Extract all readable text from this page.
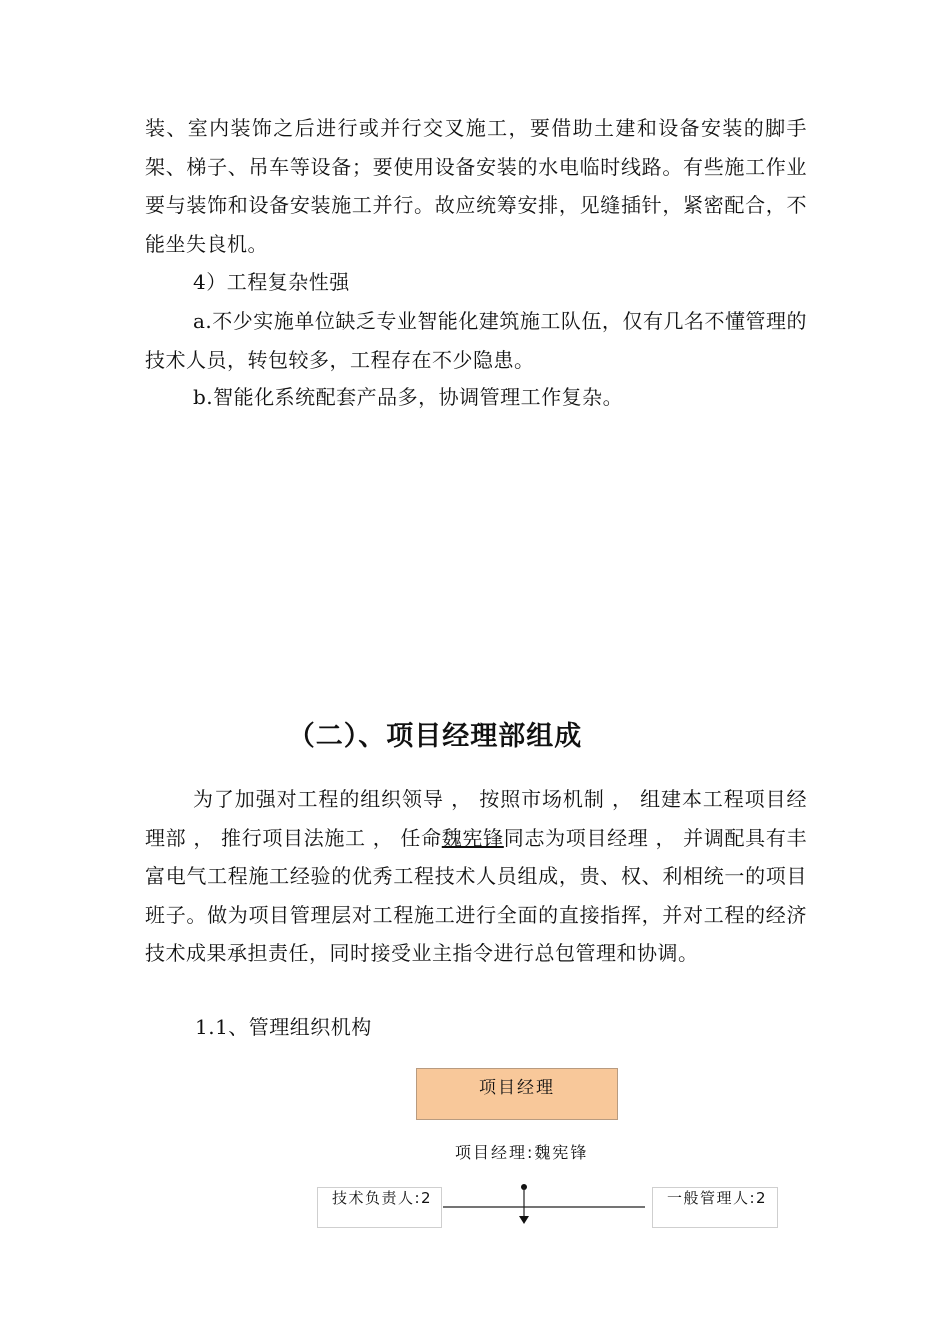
装、室内装饰之后进行或并行交叉施工，要借助土建和设备安装的脚手架、梯子、吊车等设备；要使用设备安装的水电临时线路。有些施工作业要与装饰和设备安装施工并行。故应统筹安排，见缝插针，紧密配合，不能坐失良机。

4）工程复杂性强

a.不少实施单位缺乏专业智能化建筑施工队伍，仅有几名不懂管理的技术人员，转包较多，工程存在不少隐患。

b.智能化系统配套产品多，协调管理工作复杂。

（二）、项目经理部组成

为了加强对工程的组织领导 ， 按照市场机制 ， 组建本工程项目经理部 ， 推行项目法施工 ， 任命魏宪锋同志为项目经理 ， 并调配具有丰富电气工程施工经验的优秀工程技术人员组成，贵、权、利相统一的项目班子。做为项目管理层对工程施工进行全面的直接指挥，并对工程的经济技术成果承担责任，同时接受业主指令进行总包管理和协调。

1.1、管理组织机构

项目经理
项目经理:魏宪锋
技术负责人:2	一般管理人:2
